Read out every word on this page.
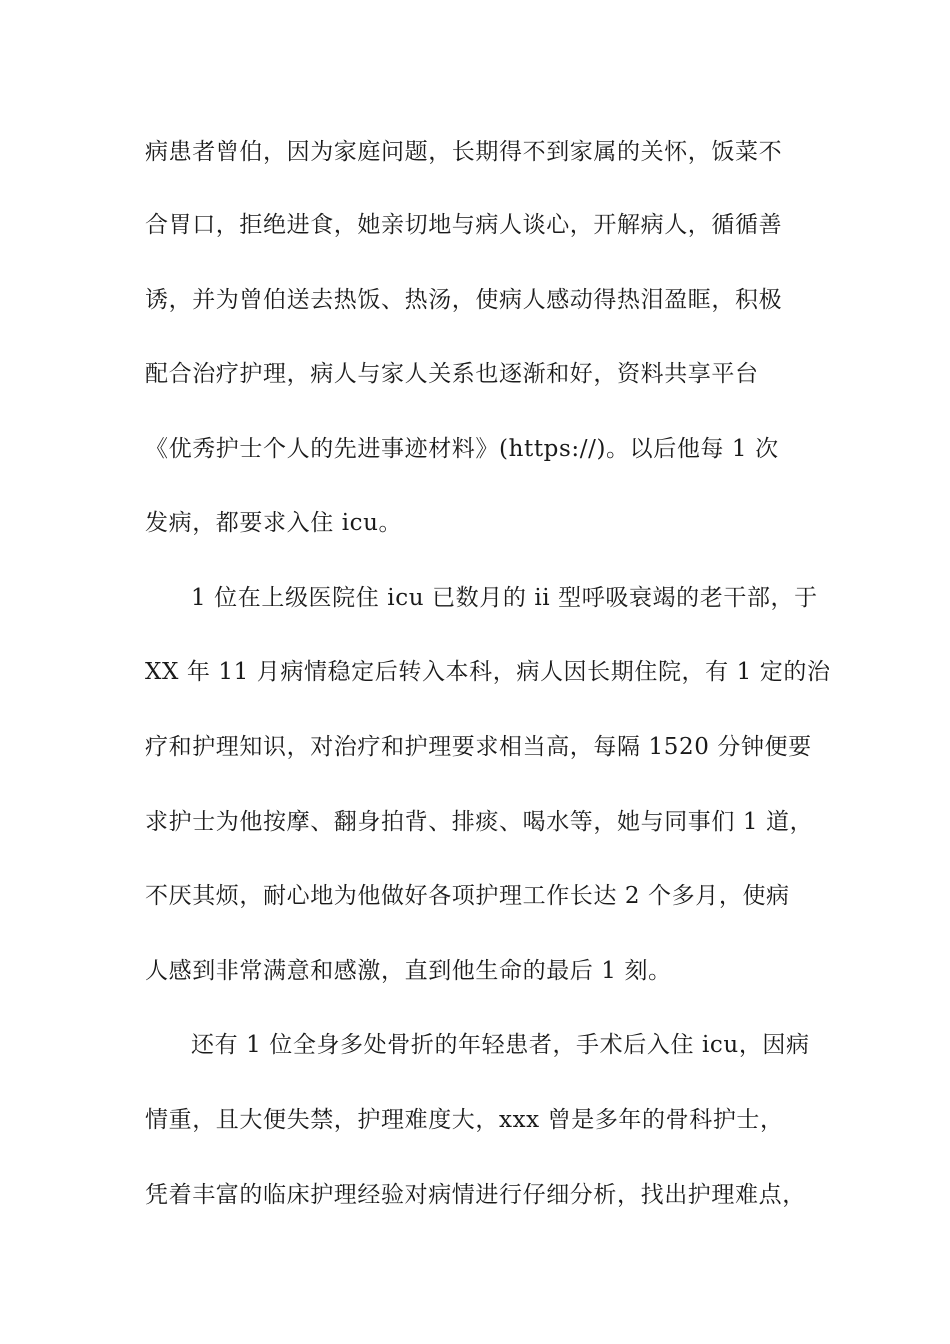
病患者曾伯，因为家庭问题，长期得不到家属的关怀，饭菜不
合胃口，拒绝进食，她亲切地与病人谈心，开解病人，循循善
诱，并为曾伯送去热饭、热汤，使病人感动得热泪盈眶，积极
配合治疗护理，病人与家人关系也逐渐和好，资料共享平台
《优秀护士个人的先进事迹材料》(https://)。以后他每 1 次
发病，都要求入住 icu。
1 位在上级医院住 icu 已数月的 ii 型呼吸衰竭的老干部，于
XX 年 11 月病情稳定后转入本科，病人因长期住院，有 1 定的治
疗和护理知识，对治疗和护理要求相当高，每隔 1520 分钟便要
求护士为他按摩、翻身拍背、排痰、喝水等，她与同事们 1 道，
不厌其烦，耐心地为他做好各项护理工作长达 2 个多月，使病
人感到非常满意和感激，直到他生命的最后 1 刻。
还有 1 位全身多处骨折的年轻患者，手术后入住 icu，因病
情重，且大便失禁，护理难度大，xxx 曾是多年的骨科护士，
凭着丰富的临床护理经验对病情进行仔细分析，找出护理难点，
